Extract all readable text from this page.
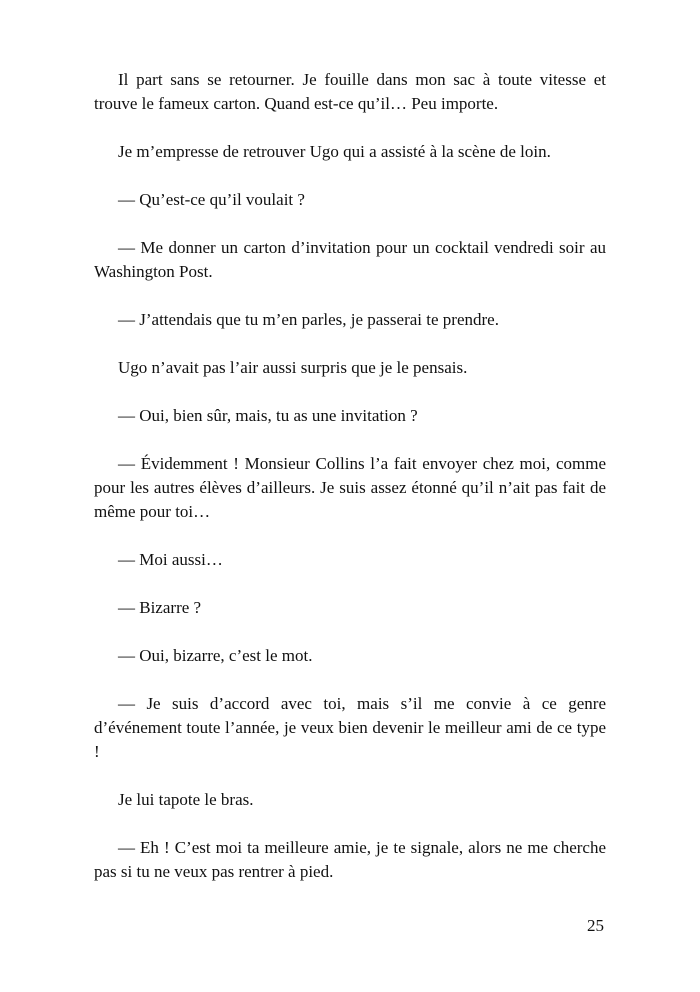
Il part sans se retourner. Je fouille dans mon sac à toute vitesse et trouve le fameux carton. Quand est-ce qu’il… Peu importe.

Je m’empresse de retrouver Ugo qui a assisté à la scène de loin.

— Qu’est-ce qu’il voulait ?

— Me donner un carton d’invitation pour un cocktail vendredi soir au Washington Post.

— J’attendais que tu m’en parles, je passerai te prendre.

Ugo n’avait pas l’air aussi surpris que je le pensais.

— Oui, bien sûr, mais, tu as une invitation ?

— Évidemment ! Monsieur Collins l’a fait envoyer chez moi, comme pour les autres élèves d’ailleurs. Je suis assez étonné qu’il n’ait pas fait de même pour toi…

— Moi aussi…

— Bizarre ?

— Oui, bizarre, c’est le mot.

— Je suis d’accord avec toi, mais s’il me convie à ce genre d’événement toute l’année, je veux bien devenir le meilleur ami de ce type !

Je lui tapote le bras.

— Eh ! C’est moi ta meilleure amie, je te signale, alors ne me cherche pas si tu ne veux pas rentrer à pied.

25
